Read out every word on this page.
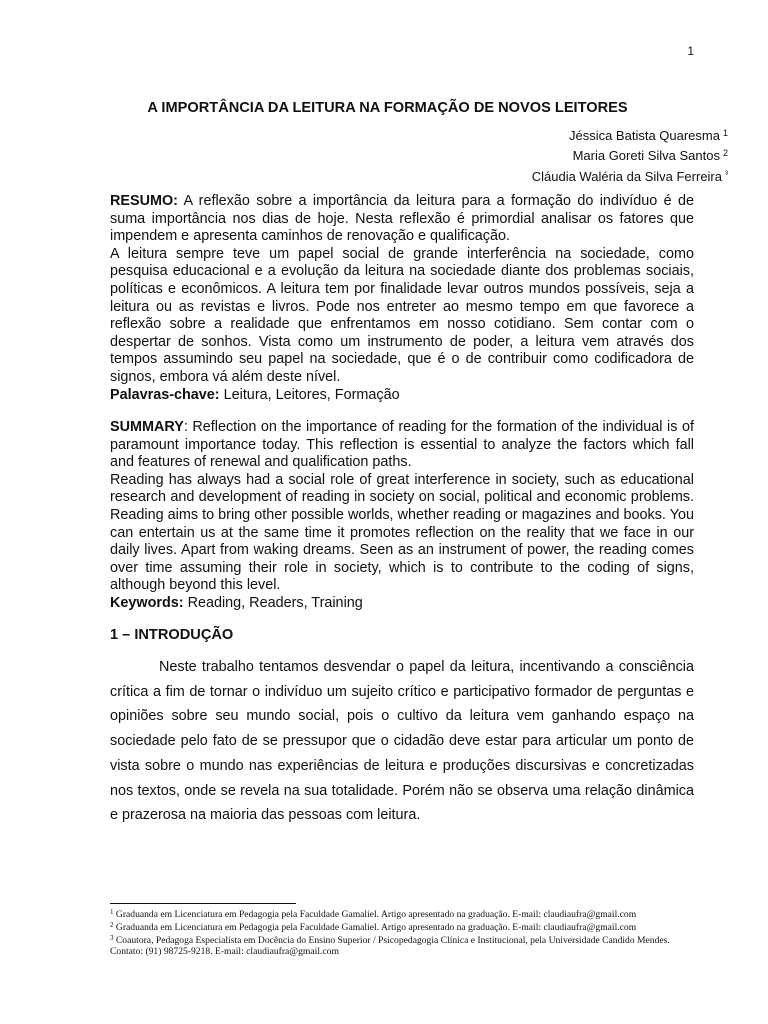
1
A IMPORTÂNCIA DA LEITURA NA FORMAÇÃO DE NOVOS LEITORES
Jéssica Batista Quaresma $^1$
Maria Goreti Silva Santos $^2$
Cláudia Waléria da Silva Ferreira $^{^3}$

RESUMO: A reflexão sobre a importância da leitura para a formação do indivíduo é de suma importância nos dias de hoje. Nesta reflexão é primordial analisar os fatores que impendem e apresenta caminhos de renovação e qualificação.

A leitura sempre teve um papel social de grande interferência na sociedade, como pesquisa educacional e a evolução da leitura na sociedade diante dos problemas sociais, políticas e econômicos. A leitura tem por finalidade levar outros mundos possíveis, seja a leitura ou as revistas e livros. Pode nos entreter ao mesmo tempo em que favorece a reflexão sobre a realidade que enfrentamos em nosso cotidiano. Sem contar com o despertar de sonhos. Vista como um instrumento de poder, a leitura vem através dos tempos assumindo seu papel na sociedade, que é o de contribuir como codificadora de signos, embora vá além deste nível.

Palavras-chave: Leitura, Leitores, Formação

SUMMARY: Reflection on the importance of reading for the formation of the individual is of paramount importance today. This reflection is essential to analyze the factors which fall and features of renewal and qualification paths.

Reading has always had a social role of great interference in society, such as educational research and development of reading in society on social, political and economic problems. Reading aims to bring other possible worlds, whether reading or magazines and books. You can entertain us at the same time it promotes reflection on the reality that we face in our daily lives. Apart from waking dreams. Seen as an instrument of power, the reading comes over time assuming their role in society, which is to contribute to the coding of signs, although beyond this level.

Keywords: Reading, Readers, Training

1 – INTRODUÇÃO

Neste trabalho tentamos desvendar o papel da leitura, incentivando a consciência crítica a fim de tornar o indivíduo um sujeito crítico e participativo formador de perguntas e opiniões sobre seu mundo social, pois o cultivo da leitura vem ganhando espaço na sociedade pelo fato de se pressupor que o cidadão deve estar para articular um ponto de vista sobre o mundo nas experiências de leitura e produções discursivas e concretizadas nos textos, onde se revela na sua totalidade. Porém não se observa uma relação dinâmica e prazerosa na maioria das pessoas com leitura.

$^1$ Graduanda em Licenciatura em Pedagogia pela Faculdade Gamaliel. Artigo apresentado na graduação. E-mail: claudiaufra@gmail.com

$^2$ Graduanda em Licenciatura em Pedagogia pela Faculdade Gamaliel. Artigo apresentado na graduação. E-mail: claudiaufra@gmail.com

$^3$ Coautora, Pedagoga Especialista em Docência do Ensino Superior / Psicopedagogia Clínica e Institucional, pela Universidade Candido Mendes. Contato: (91) 98725-9218. E-mail: claudiaufra@gmail.com
